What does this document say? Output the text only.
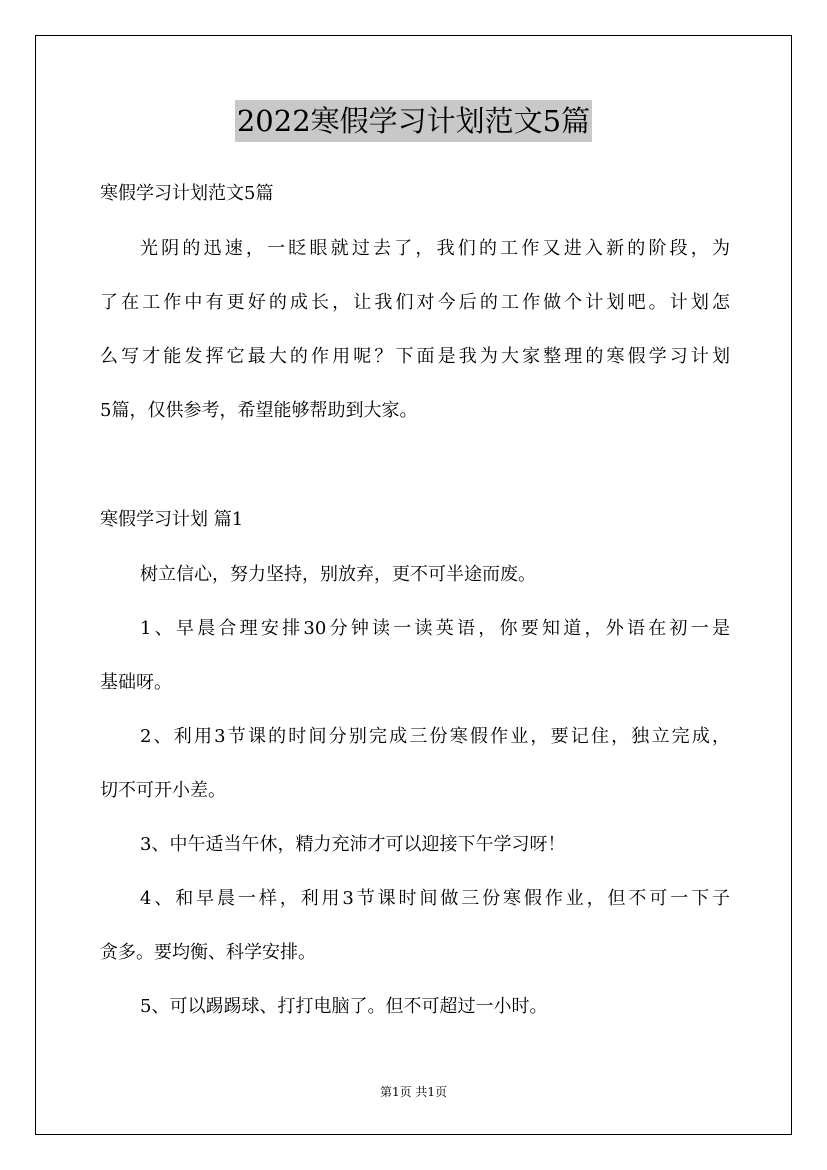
2022寒假学习计划范文5篇
寒假学习计划范文5篇
光阴的迅速，一眨眼就过去了，我们的工作又进入新的阶段，为
了在工作中有更好的成长，让我们对今后的工作做个计划吧。计划怎
么写才能发挥它最大的作用呢？下面是我为大家整理的寒假学习计划
5篇，仅供参考，希望能够帮助到大家。
寒假学习计划 篇1
树立信心，努力坚持，别放弃，更不可半途而废。
1、早晨合理安排30分钟读一读英语，你要知道，外语在初一是
基础呀。
2、利用3节课的时间分别完成三份寒假作业，要记住，独立完成，
切不可开小差。
3、中午适当午休，精力充沛才可以迎接下午学习呀！
4、和早晨一样，利用3节课时间做三份寒假作业，但不可一下子
贪多。要均衡、科学安排。
5、可以踢踢球、打打电脑了。但不可超过一小时。
第1页 共1页
